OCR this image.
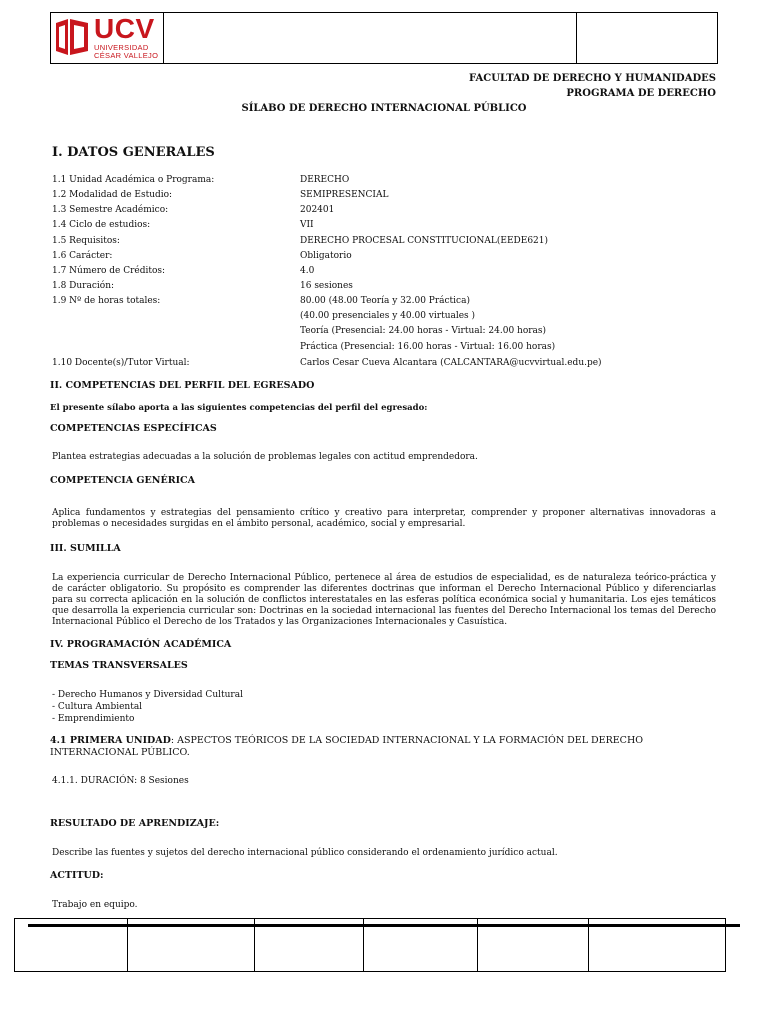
UCV
UNIVERSIDAD
CÉSAR VALLEJO
FACULTAD DE DERECHO Y HUMANIDADES
PROGRAMA DE DERECHO
SÍLABO DE DERECHO INTERNACIONAL PÚBLICO
I. DATOS GENERALES
1.1 Unidad Académica o Programa:	DERECHO
1.2 Modalidad de Estudio:	SEMIPRESENCIAL
1.3 Semestre Académico:	202401
1.4 Ciclo de estudios:	VII
1.5 Requisitos:	DERECHO PROCESAL CONSTITUCIONAL(EEDE621)
1.6 Carácter:	Obligatorio
1.7 Número de Créditos:	4.0
1.8 Duración:	16 sesiones
1.9 Nº de horas totales:	80.00 (48.00 Teoría y 32.00 Práctica)
(40.00 presenciales y 40.00 virtuales )
Teoría (Presencial: 24.00 horas - Virtual: 24.00 horas)
Práctica (Presencial: 16.00 horas - Virtual: 16.00 horas)
1.10 Docente(s)/Tutor Virtual:	Carlos Cesar Cueva Alcantara (CALCANTARA@ucvvirtual.edu.pe)
II. COMPETENCIAS DEL PERFIL DEL EGRESADO
El presente sílabo aporta a las siguientes competencias del perfil del egresado:
COMPETENCIAS ESPECÍFICAS
Plantea estrategias adecuadas a la solución de problemas legales con actitud emprendedora.
COMPETENCIA GENÉRICA
Aplica fundamentos y estrategias del pensamiento crítico y creativo para interpretar, comprender y proponer alternativas innovadoras a problemas o necesidades surgidas en el ámbito personal, académico, social y empresarial.
III. SUMILLA
La experiencia curricular de Derecho Internacional Público, pertenece al área de estudios de especialidad, es de naturaleza teórico-práctica y de carácter obligatorio. Su propósito es comprender las diferentes doctrinas que informan el Derecho Internacional Público y diferenciarlas para su correcta aplicación en la solución de conflictos interestatales en las esferas política económica social y humanitaria. Los ejes temáticos que desarrolla la experiencia curricular son: Doctrinas en la sociedad internacional las fuentes del Derecho Internacional los temas del Derecho Internacional Público el Derecho de los Tratados y las Organizaciones Internacionales y Casuística.
IV. PROGRAMACIÓN ACADÉMICA
TEMAS TRANSVERSALES
- Derecho Humanos y Diversidad Cultural
- Cultura Ambiental
- Emprendimiento
4.1 PRIMERA UNIDAD: ASPECTOS TEÓRICOS DE LA SOCIEDAD INTERNACIONAL Y LA FORMACIÓN DEL DERECHO INTERNACIONAL PÚBLICO.
4.1.1. DURACIÓN: 8 Sesiones
RESULTADO DE APRENDIZAJE:
Describe las fuentes y sujetos del derecho internacional público considerando el ordenamiento jurídico actual.
ACTITUD:
Trabajo en equipo.
